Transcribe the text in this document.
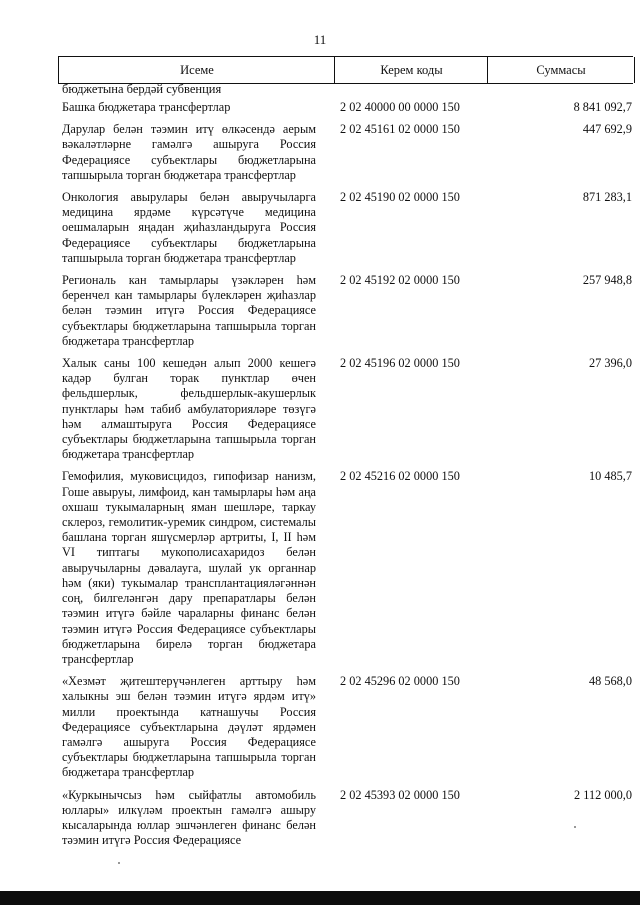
11
Исеме	Керем коды	Суммасы
бюджетына бердәй субвенция
Башка бюджетара трансфертлар	2 02 40000 00 0000 150	8 841 092,7
Дарулар белән тәэмин итү өлкәсендә аерым вәкаләтләрне гамәлгә ашыруга Россия Федерациясе субъектлары бюджетларына тапшырыла торган бюджетара трансфертлар
2 02 45161 02 0000 150	447 692,9
Онкология авырулары белән авыручыларга медицина ярдәме күрсәтүче медицина оешмаларын яңадан җиһазландыруга Россия Федерациясе субъектлары бюджетларына тапшырыла торган бюджетара трансфертлар
2 02 45190 02 0000 150	871 283,1
Региональ кан тамырлары үзәкләрен һәм беренчел кан тамырлары бүлекләрен җиһазлар белән тәэмин итүгә Россия Федерациясе субъектлары бюджетларына тапшырыла торган бюджетара трансфертлар
2 02 45192 02 0000 150	257 948,8
Халык саны 100 кешедән алып 2000 кешегә кадәр булган торак пунктлар өчен фельдшерлык, фельдшерлык-акушерлык пунктлары һәм табиб амбулаторияләре төзүгә һәм алмаштыруга Россия Федерациясе субъектлары бюджетларына тапшырыла торган бюджетара трансфертлар
2 02 45196 02 0000 150	27 396,0
Гемофилия, муковисцидоз, гипофизар нанизм, Гоше авыруы, лимфоид, кан тамырлары һәм аңа охшаш тукымаларның яман шешләре, таркау склероз, гемолитик-уремик синдром, системалы башлана торган яшүсмерләр артриты, I, II һәм VI типтагы мукополисахаридоз белән авыручыларны дәвалауга, шулай ук органнар һәм (яки) тукымалар трансплантацияләгәннән соң, билгеләнгән дару препаратлары белән тәэмин итүгә бәйле чараларны финанс белән тәэмин итүгә Россия Федерациясе субъектлары бюджетларына бирелә торган бюджетара трансфертлар
2 02 45216 02 0000 150	10 485,7
«Хезмәт җитештерүчәнлеген арттыру һәм халыкны эш белән тәэмин итүгә ярдәм итү» милли проектында катнашучы Россия Федерациясе субъектларына дәүләт ярдәмен гамәлгә ашыруга Россия Федерациясе субъектлары бюджетларына тапшырыла торган бюджетара трансфертлар
2 02 45296 02 0000 150	48 568,0
«Куркынычсыз һәм сыйфатлы автомобиль юллары» илкүләм проектын гамәлгә ашыру кысаларында юллар эшчәнлеген финанс белән тәэмин итүгә Россия Федерациясе
2 02 45393 02 0000 150	2 112 000,0
